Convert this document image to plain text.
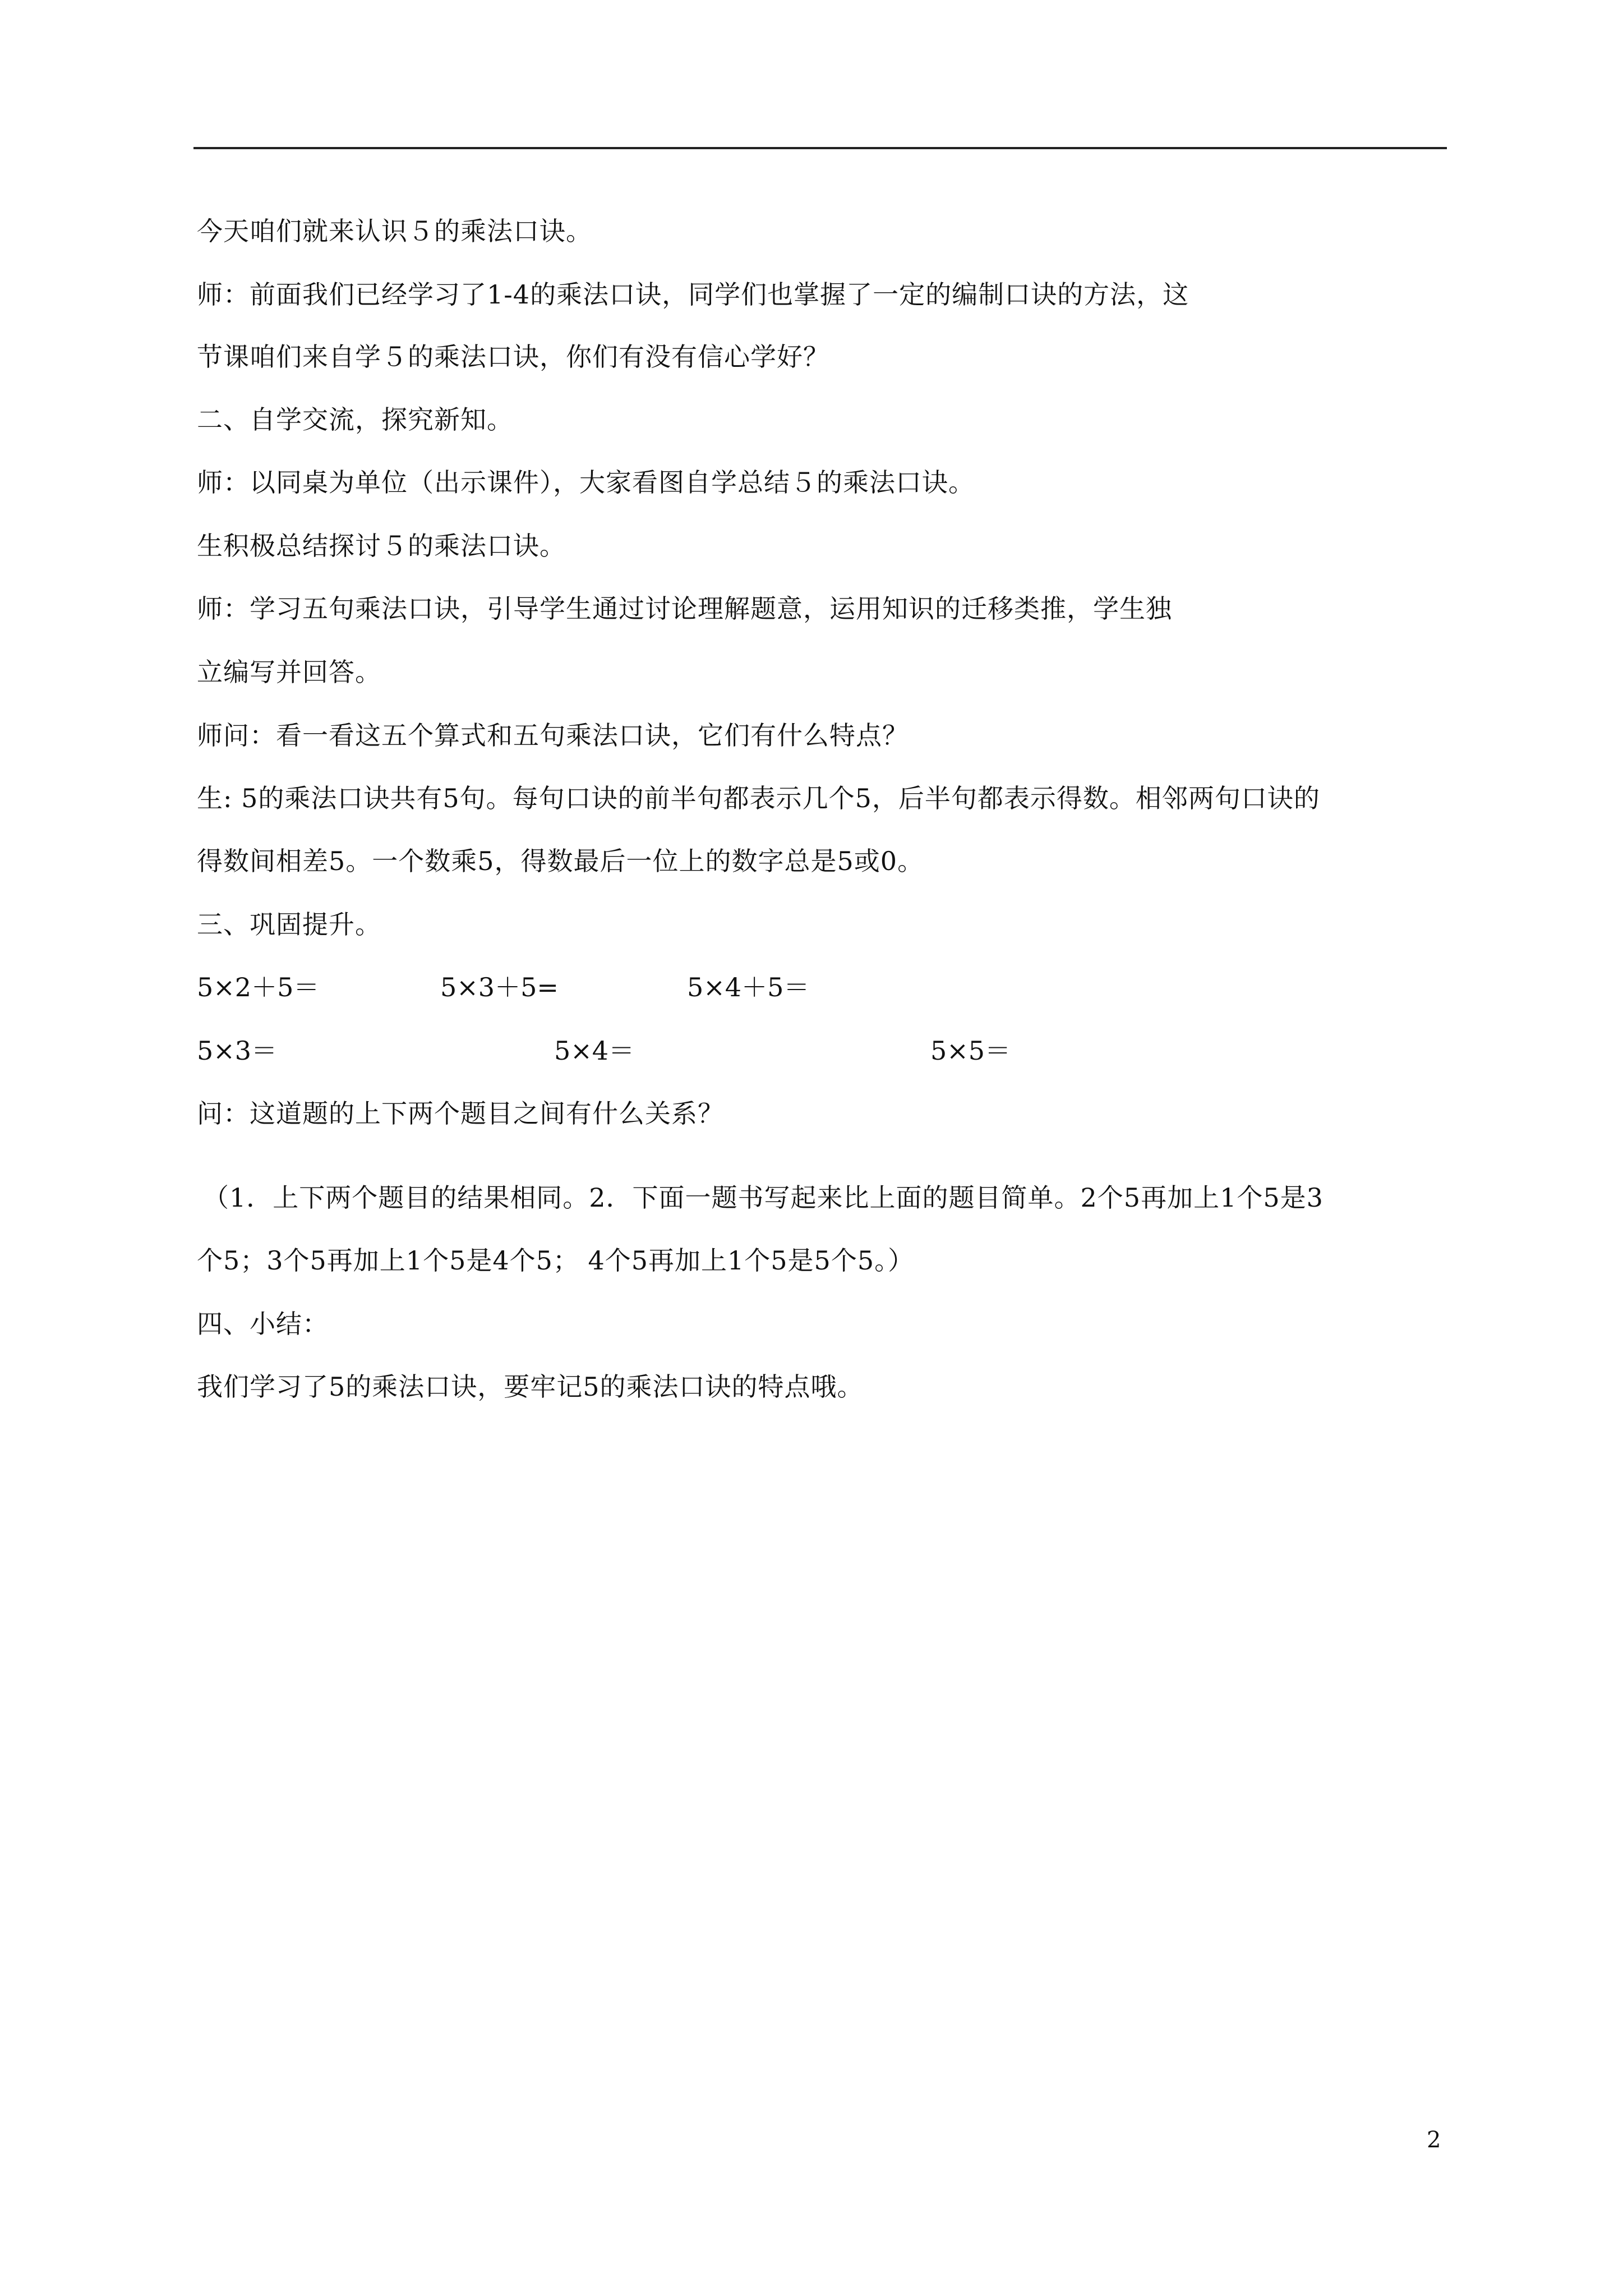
今天咱们就来认识５的乘法口诀。
师：前面我们已经学习了1-4的乘法口诀，同学们也掌握了一定的编制口诀的方法，这
节课咱们来自学５的乘法口诀，你们有没有信心学好？
二、自学交流，探究新知。
师：以同桌为单位（出示课件），大家看图自学总结５的乘法口诀。
生积极总结探讨５的乘法口诀。
师：学习五句乘法口诀，引导学生通过讨论理解题意，运用知识的迁移类推，学生独
立编写并回答。
师问：看一看这五个算式和五句乘法口诀，它们有什么特点？
生: 5的乘法口诀共有5句。每句口诀的前半句都表示几个5，后半句都表示得数。相邻两句口诀的
得数间相差5。一个数乘5，得数最后一位上的数字总是5或0。
三、巩固提升。
5×2＋5＝	5×3＋5=	5×4＋5＝
5×3＝	5×4＝	5×5＝
问：这道题的上下两个题目之间有什么关系？
（1．上下两个题目的结果相同。2．下面一题书写起来比上面的题目简单。2个5再加上1个5是3
个5；3个5再加上1个5是4个5； 4个5再加上1个5是5个5。）
四、小结：
我们学习了5的乘法口诀，要牢记5的乘法口诀的特点哦。
2
